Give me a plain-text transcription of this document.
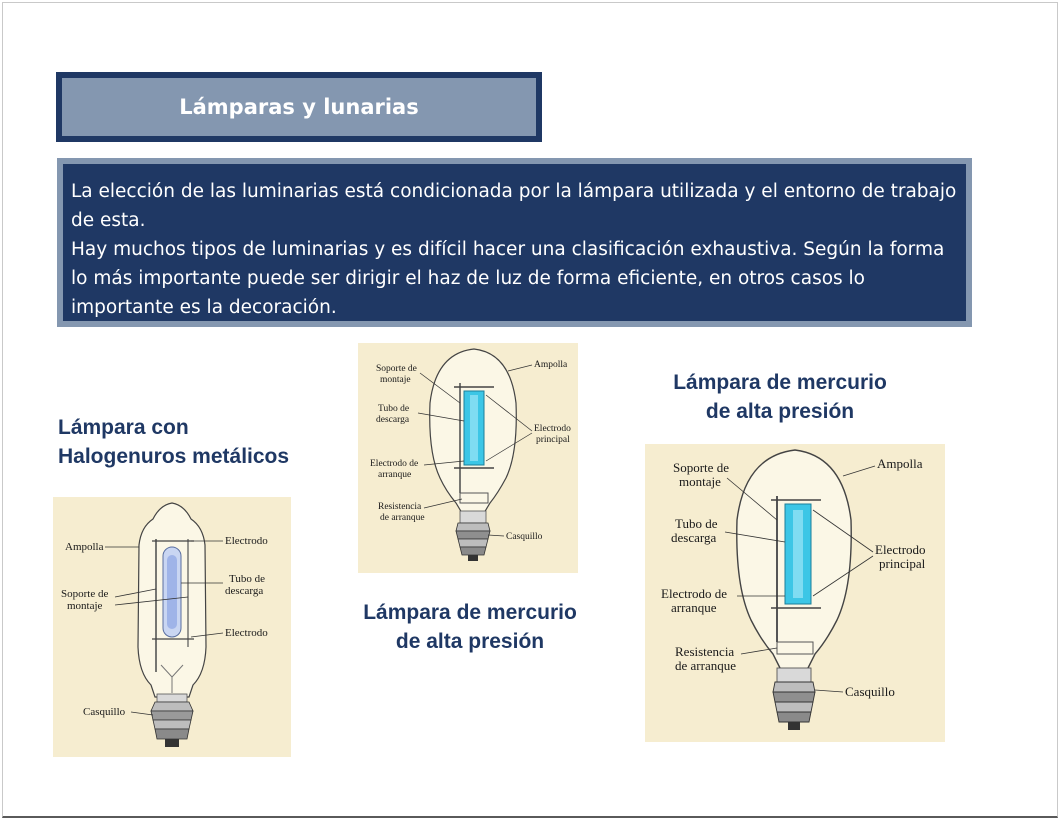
Lámparas y lunarias

La elección de las luminarias está condicionada por la lámpara utilizada y el entorno de trabajo de esta.

Hay muchos tipos de luminarias y es difícil hacer una clasificación exhaustiva. Según la forma lo más importante puede ser dirigir el haz de luz de forma eficiente, en otros casos lo importante es la decoración.

Lámpara con
Halogenuros metálicos
Lámpara de mercurio
de alta presión
Lámpara de mercurio
de alta presión
Ampolla	Electrodo
Tubo de
descarga
Soporte de
montaje
Electrodo
Casquillo
Soporte de
montaje
Ampolla
Tubo de
descarga
Electrodo
principal
Electrodo de
arranque
Resistencia
de arranque
Casquillo
Soporte de
montaje
Ampolla
Tubo de
descarga
Electrodo
principal
Electrodo de
arranque
Resistencia
de arranque
Casquillo
